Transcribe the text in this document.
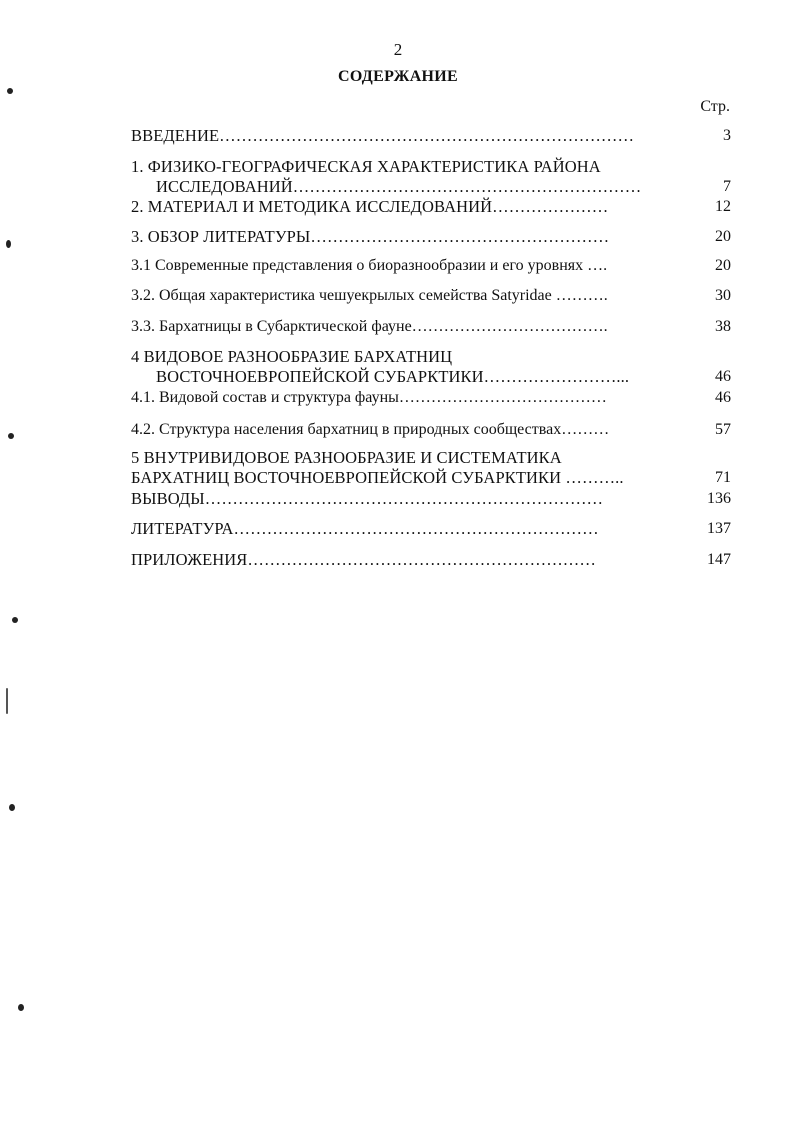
2
СОДЕРЖАНИЕ
Стр.
ВВЕДЕНИЕ…………………………………………………………………	3
1. ФИЗИКО-ГЕОГРАФИЧЕСКАЯ ХАРАКТЕРИСТИКА РАЙОНА
ИССЛЕДОВАНИЙ………………………………………………………	7
2. МАТЕРИАЛ И МЕТОДИКА ИССЛЕДОВАНИЙ…………………	12
3. ОБЗОР ЛИТЕРАТУРЫ………………………………………………	20
3.1 Современные представления о биоразнообразии и его уровнях ….	20
3.2. Общая характеристика чешуекрылых семейства Satyridae ……….	30
3.3. Бархатницы в Субарктической фауне……………………………….	38
4 ВИДОВОЕ РАЗНООБРАЗИЕ БАРХАТНИЦ
ВОСТОЧНОЕВРОПЕЙСКОЙ СУБАРКТИКИ……………………...	46
4.1. Видовой состав и структура фауны…………………………………	46
4.2. Структура населения бархатниц в природных сообществах………	57
5 ВНУТРИВИДОВОЕ РАЗНООБРАЗИЕ И СИСТЕМАТИКА
БАРХАТНИЦ ВОСТОЧНОЕВРОПЕЙСКОЙ СУБАРКТИКИ ………..	71
ВЫВОДЫ………………………………………………………………	136
ЛИТЕРАТУРА…………………………………………………………	137
ПРИЛОЖЕНИЯ………………………………………………………	147
